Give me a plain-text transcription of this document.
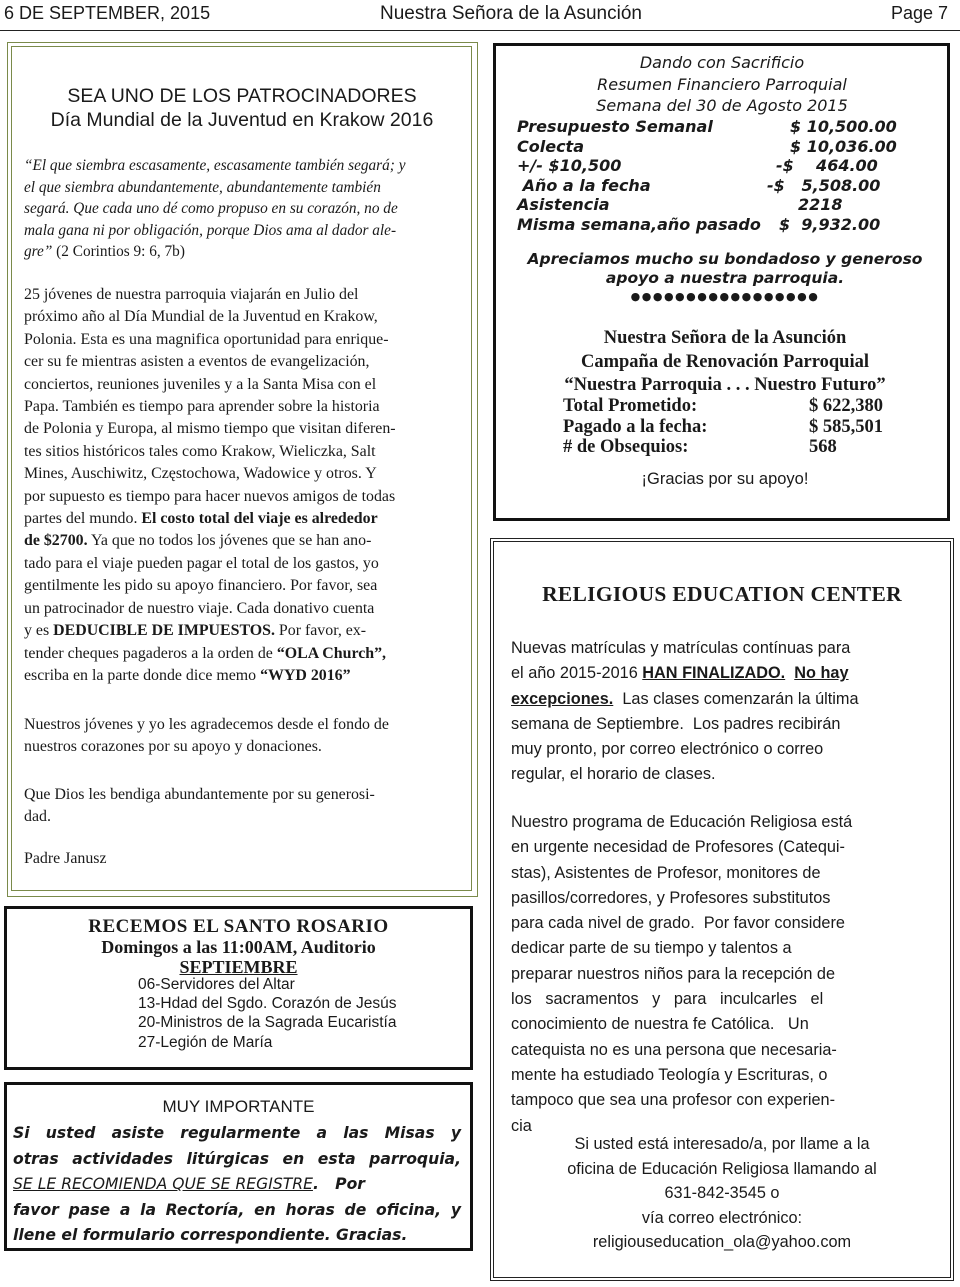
6 DE SEPTEMBER, 2015	Nuestra Señora de la Asunción	Page 7
SEA UNO DE LOS PATROCINADORES
Día Mundial de la Juventud en Krakow 2016
“El que siembra escasamente, escasamente también segará; y
el que siembra abundantemente, abundantemente también
segará. Que cada uno dé como propuso en su corazón, no de
mala gana ni por obligación, porque Dios ama al dador ale-
gre” (2 Corintios 9: 6, 7b)
25 jóvenes de nuestra parroquia viajarán en Julio del
próximo año al Día Mundial de la Juventud en Krakow,
Polonia. Esta es una magnifica oportunidad para enrique-
cer su fe mientras asisten a eventos de evangelización,
conciertos, reuniones juveniles y a la Santa Misa con el
Papa. También es tiempo para aprender sobre la historia
de Polonia y Europa, al mismo tiempo que visitan diferen-
tes sitios históricos tales como Krakow, Wieliczka, Salt
Mines, Auschiwitz, Częstochowa, Wadowice y otros. Y
por supuesto es tiempo para hacer nuevos amigos de todas
partes del mundo. El costo total del viaje es alrededor
de $2700. Ya que no todos los jóvenes que se han ano-
tado para el viaje pueden pagar el total de los gastos, yo
gentilmente les pido su apoyo financiero. Por favor, sea
un patrocinador de nuestro viaje. Cada donativo cuenta
y es DEDUCIBLE DE IMPUESTOS. Por favor, ex-
tender cheques pagaderos a la orden de “OLA Church”,
escriba en la parte donde dice memo “WYD 2016”
Nuestros jóvenes y yo les agradecemos desde el fondo de
nuestros corazones por su apoyo y donaciones.
Que Dios les bendiga abundantemente por su generosi-
dad.
Padre Janusz
Dando con Sacrificio
Resumen Financiero Parroquial
Semana del 30 de Agosto 2015
Presupuesto Semanal	$ 10,500.00
Colecta	$ 10,036.00
+/- $10,500	-$    464.00
Año a la fecha	-$   5,508.00
Asistencia	2218
Misma semana,año pasado $  9,932.00
Apreciamos mucho su bondadoso y generoso
apoyo a nuestra parroquia.
●●●●●●●●●●●●●●●●●
Nuestra Señora de la Asunción
Campaña de Renovación Parroquial
“Nuestra Parroquia . . . Nuestro Futuro”
Total Prometido:	$ 622,380
Pagado a la fecha:	$ 585,501
# de Obsequios:	568
¡Gracias por su apoyo!
RECEMOS EL SANTO ROSARIO
Domingos a las 11:00AM, Auditorio
SEPTIEMBRE
06-Servidores del Altar
13-Hdad del Sgdo. Corazón de Jesús
20-Ministros de la Sagrada Eucaristía
27-Legión de María
MUY IMPORTANTE
Si usted asiste regularmente a las Misas y
otras actividades litúrgicas en esta parroquia,
SE LE RECOMIENDA QUE SE REGISTRE.   Por
favor pase a la Rectoría, en horas de oficina, y
llene el formulario correspondiente. Gracias.
RELIGIOUS EDUCATION CENTER
Nuevas matrículas y matrículas contínuas para
el año 2015-2016 HAN FINALIZADO. No hay
excepciones.  Las clases comenzarán la última
semana de Septiembre.  Los padres recibirán
muy pronto, por correo electrónico o correo
regular, el horario de clases.
Nuestro programa de Educación Religiosa está
en urgente necesidad de Profesores (Catequi-
stas), Asistentes de Profesor, monitores de
pasillos/corredores, y Profesores substitutos
para cada nivel de grado.  Por favor considere
dedicar parte de su tiempo y talentos a
preparar nuestros niños para la recepción de
los   sacramentos   y   para   inculcarles   el
conocimiento de nuestra fe Católica.   Un
catequista no es una persona que necesaria-
mente ha estudiado Teología y Escrituras, o
tampoco que sea una profesor con experien-
cia
Si usted está interesado/a, por llame a la
oficina de Educación Religiosa llamando al
631-842-3545 o
vía correo electrónico:
religiouseducation_ola@yahoo.com
